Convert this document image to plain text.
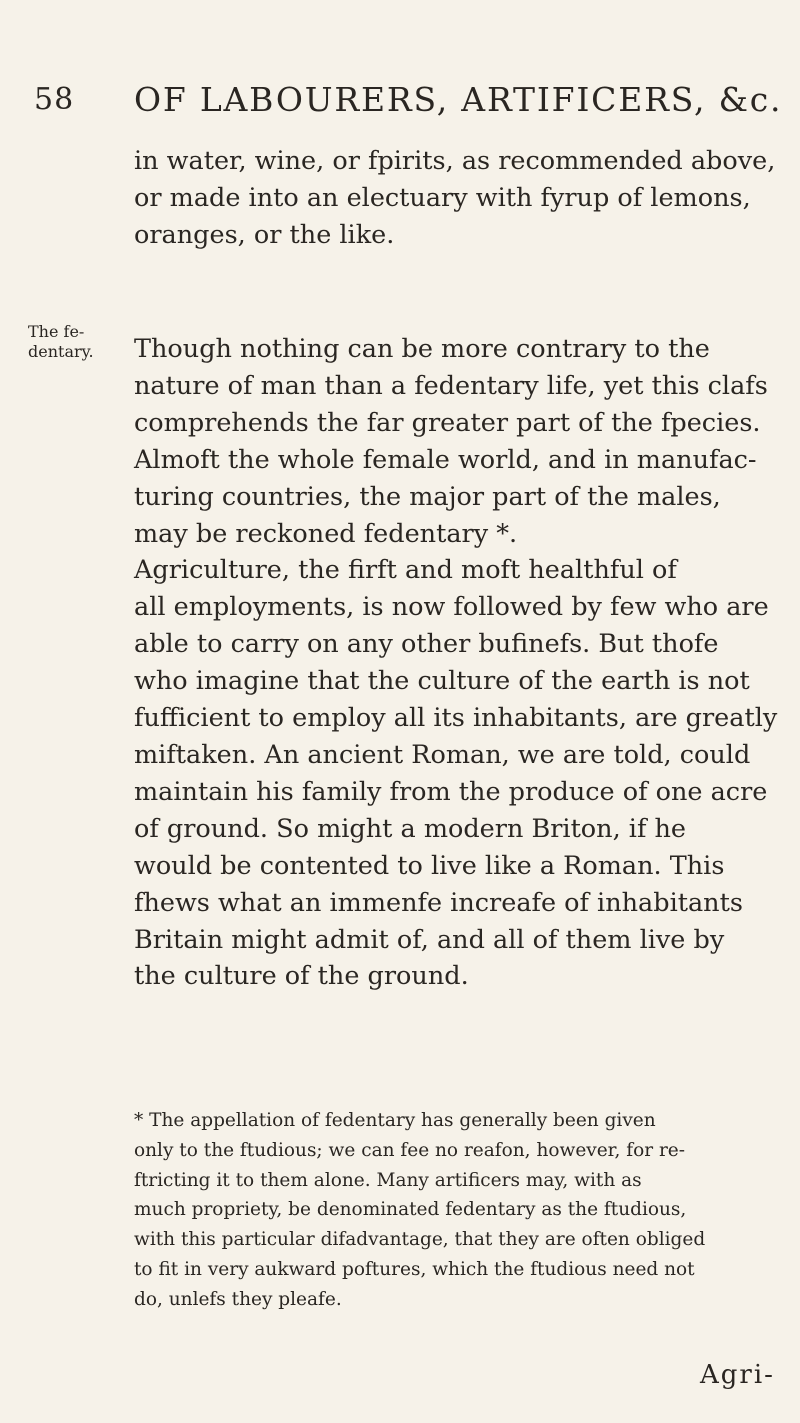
58 OF LABOURERS, ARTIFICERS, &c.
The fe-
dentary.
in water, wine, or fpirits, as recommended above,
or made into an electuary with fyrup of lemons,
oranges, or the like.
Though nothing can be more contrary to the
nature of man than a fedentary life, yet this clafs
comprehends the far greater part of the fpecies.
Almoft the whole female world, and in manufac-
turing countries, the major part of the males,
may be reckoned fedentary *.
Agriculture, the firft and moft healthful of
all employments, is now followed by few who are
able to carry on any other bufinefs. But thofe
who imagine that the culture of the earth is not
fufficient to employ all its inhabitants, are greatly
miftaken. An ancient Roman, we are told, could
maintain his family from the produce of one acre
of ground. So might a modern Briton, if he
would be contented to live like a Roman. This
fhews what an immenfe increafe of inhabitants
Britain might admit of, and all of them live by
the culture of the ground.
* The appellation of fedentary has generally been given
only to the ftudious; we can fee no reafon, however, for re-
ftricting it to them alone. Many artificers may, with as
much propriety, be denominated fedentary as the ftudious,
with this particular difadvantage, that they are often obliged
to fit in very aukward poftures, which the ftudious need not
do, unlefs they pleafe.
Agri-
